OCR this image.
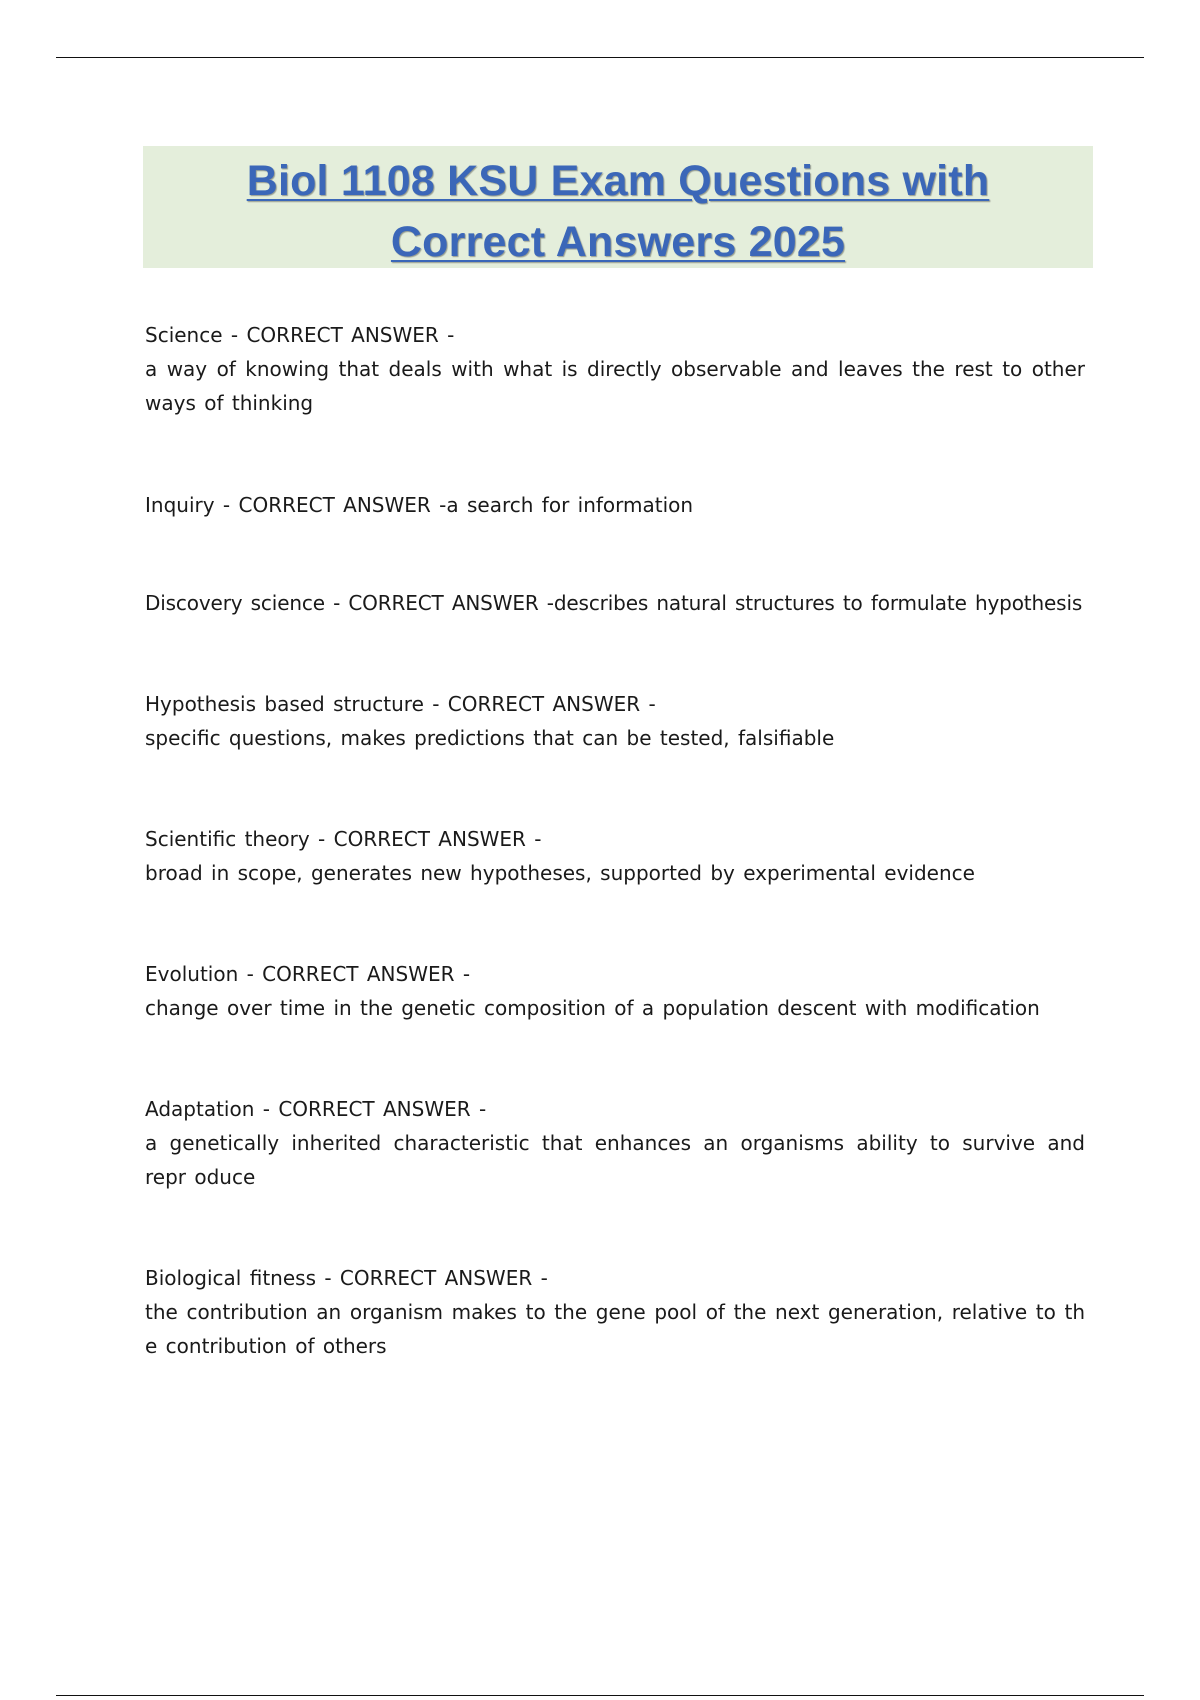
Biol 1108 KSU Exam Questions with
Correct Answers 2025

Science - CORRECT ANSWER -

a way of knowing that deals with what is directly observable and leaves the rest to other ways of thinking

Inquiry - CORRECT ANSWER -a search for information

Discovery science - CORRECT ANSWER -describes natural structures to formulate hypothesis

Hypothesis based structure - CORRECT ANSWER -

specific questions, makes predictions that can be tested, falsifiable

Scientific theory - CORRECT ANSWER -

broad in scope, generates new hypotheses, supported by experimental evidence

Evolution - CORRECT ANSWER -

change over time in the genetic composition of a population descent with modification

Adaptation - CORRECT ANSWER -

a genetically inherited characteristic that enhances an organisms ability to survive and repr oduce

Biological fitness - CORRECT ANSWER -

the contribution an organism makes to the gene pool of the next generation, relative to th e contribution of others
